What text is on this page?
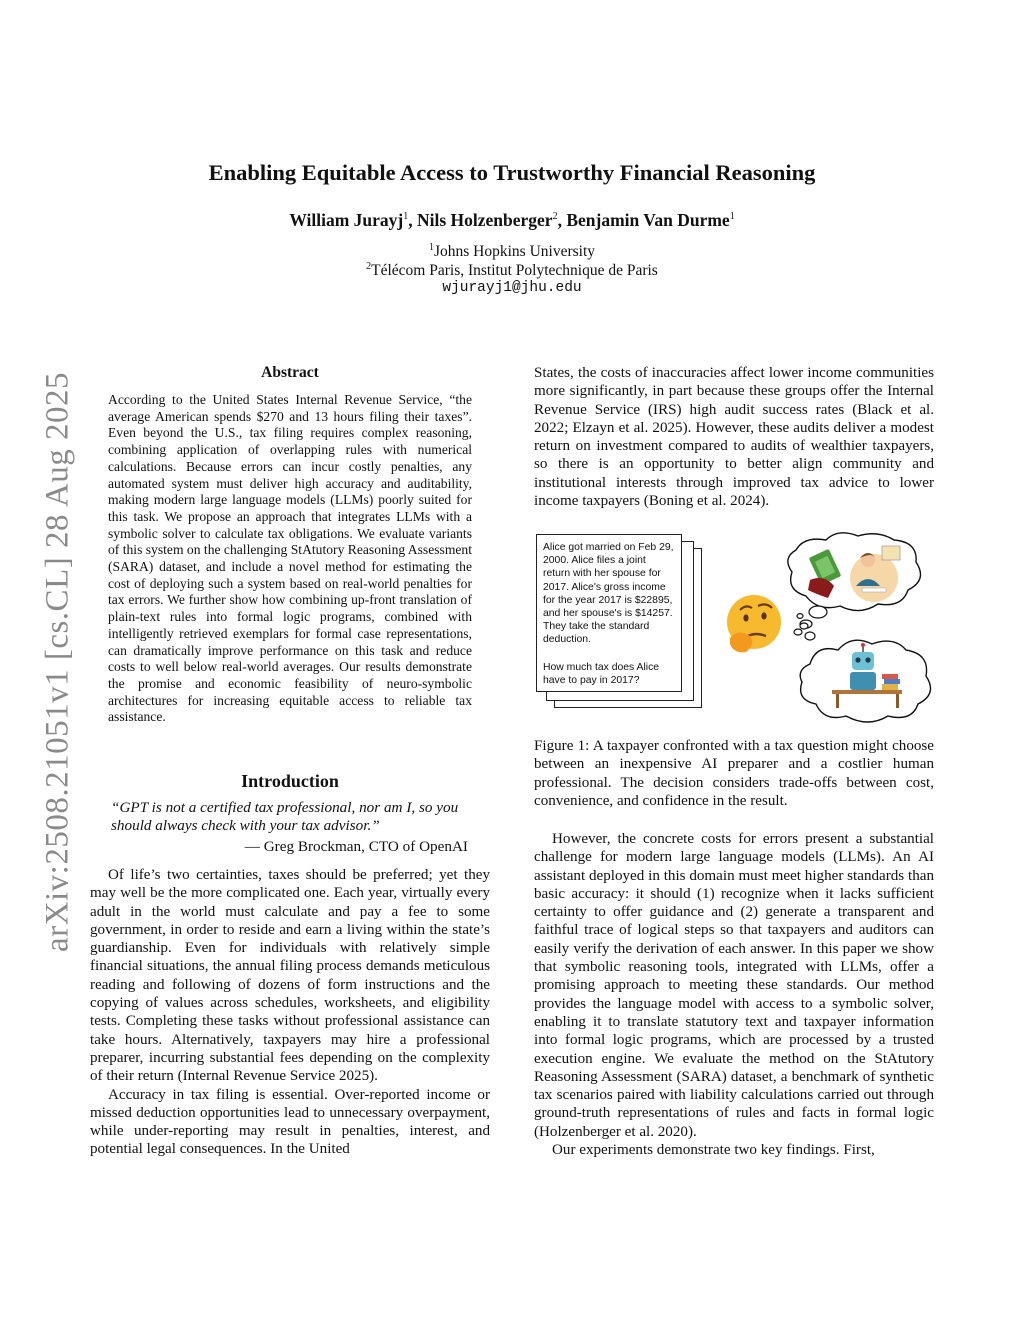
arXiv:2508.21051v1 [cs.CL] 28 Aug 2025
Enabling Equitable Access to Trustworthy Financial Reasoning
William Jurayj$^1$, Nils Holzenberger$^2$, Benjamin Van Durme$^1$
$^1$Johns Hopkins University
$^2$Télécom Paris, Institut Polytechnique de Paris
wjurayj1@jhu.edu
Abstract
According to the United States Internal Revenue Service, “the average American spends $270 and 13 hours filing their taxes”. Even beyond the U.S., tax filing requires complex reasoning, combining application of overlapping rules with numerical calculations. Because errors can incur costly penalties, any automated system must deliver high accuracy and auditability, making modern large language models (LLMs) poorly suited for this task. We propose an approach that integrates LLMs with a symbolic solver to calculate tax obligations. We evaluate variants of this system on the challenging StAtutory Reasoning Assessment (SARA) dataset, and include a novel method for estimating the cost of deploying such a system based on real-world penalties for tax errors. We further show how combining up-front translation of plain-text rules into formal logic programs, combined with intelligently retrieved exemplars for formal case representations, can dramatically improve performance on this task and reduce costs to well below real-world averages. Our results demonstrate the promise and economic feasibility of neuro-symbolic architectures for increasing equitable access to reliable tax assistance.
Introduction
“GPT is not a certified tax professional, nor am I, so you should always check with your tax advisor.”
— Greg Brockman, CTO of OpenAI

Of life’s two certainties, taxes should be preferred; yet they may well be the more complicated one. Each year, virtually every adult in the world must calculate and pay a fee to some government, in order to reside and earn a living within the state’s guardianship. Even for individuals with relatively simple financial situations, the annual filing process demands meticulous reading and following of dozens of form instructions and the copying of values across schedules, worksheets, and eligibility tests. Completing these tasks without professional assistance can take hours. Alternatively, taxpayers may hire a professional preparer, incurring substantial fees depending on the complexity of their return (Internal Revenue Service 2025).

Accuracy in tax filing is essential. Over-reported income or missed deduction opportunities lead to unnecessary overpayment, while under-reporting may result in penalties, interest, and potential legal consequences. In the United

States, the costs of inaccuracies affect lower income communities more significantly, in part because these groups offer the Internal Revenue Service (IRS) high audit success rates (Black et al. 2022; Elzayn et al. 2025). However, these audits deliver a modest return on investment compared to audits of wealthier taxpayers, so there is an opportunity to better align community and institutional interests through improved tax advice to lower income taxpayers (Boning et al. 2024).

Alice got married on Feb 29, 2000. Alice files a joint return with her spouse for 2017. Alice's gross income for the year 2017 is $22895, and her spouse's is $14257. They take the standard deduction.
How much tax does Alice have to pay in 2017?
Figure 1: A taxpayer confronted with a tax question might choose between an inexpensive AI preparer and a costlier human professional. The decision considers trade-offs between cost, convenience, and confidence in the result.

However, the concrete costs for errors present a substantial challenge for modern large language models (LLMs). An AI assistant deployed in this domain must meet higher standards than basic accuracy: it should (1) recognize when it lacks sufficient certainty to offer guidance and (2) generate a transparent and faithful trace of logical steps so that taxpayers and auditors can easily verify the derivation of each answer. In this paper we show that symbolic reasoning tools, integrated with LLMs, offer a promising approach to meeting these standards. Our method provides the language model with access to a symbolic solver, enabling it to translate statutory text and taxpayer information into formal logic programs, which are processed by a trusted execution engine. We evaluate the method on the StAtutory Reasoning Assessment (SARA) dataset, a benchmark of synthetic tax scenarios paired with liability calculations carried out through ground-truth representations of rules and facts in formal logic (Holzenberger et al. 2020).

Our experiments demonstrate two key findings. First,
